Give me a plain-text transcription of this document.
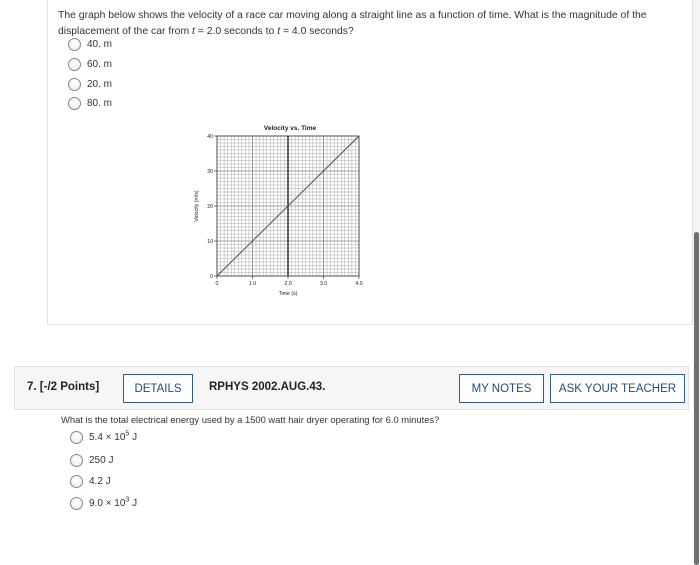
The graph below shows the velocity of a race car moving along a straight line as a function of time. What is the magnitude of the
displacement of the car from t = 2.0 seconds to t = 4.0 seconds?
40. m
60. m
20. m
80. m
Velocity vs. Time
0	1.0	2.0	3.0	4.0
0
10
20
30
40
Time (s)
Velocity (m/s)
7. [-/2 Points]	DETAILS	RPHYS 2002.AUG.43.	MY NOTES	ASK YOUR TEACHER
What is the total electrical energy used by a 1500 watt hair dryer operating for 6.0 minutes?
$5.4 \times 10^5$ J
250 J
4.2 J
$9.0 \times 10^3$ J
